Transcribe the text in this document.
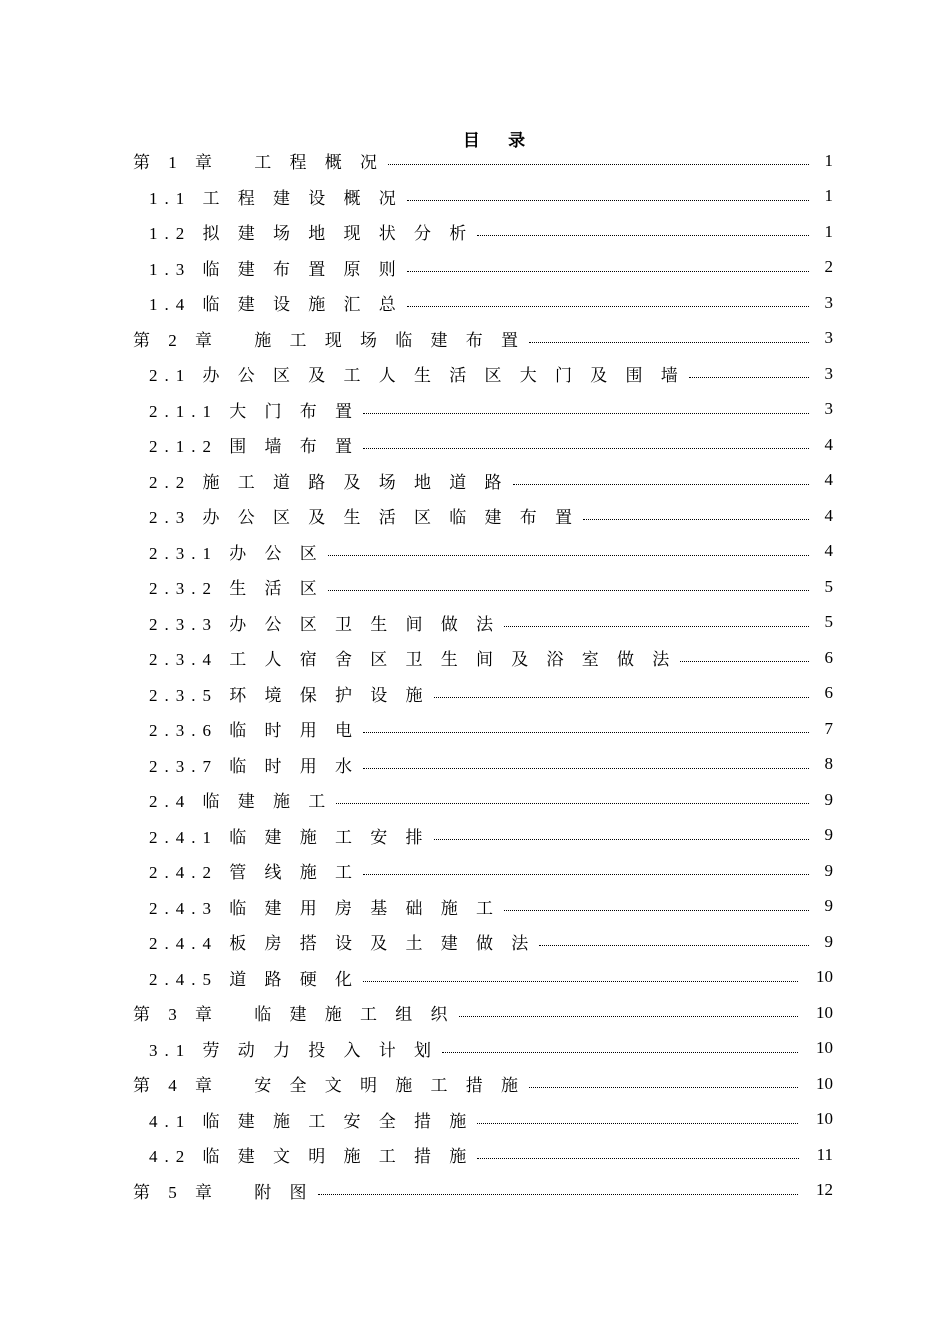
目 录
第 1 章　 工 程 概 况	1
1.1 工 程 建 设 概 况	1
1.2 拟 建 场 地 现 状 分 析	1
1.3 临 建 布 置 原 则	2
1.4 临 建 设 施 汇 总	3
第 2 章　 施 工 现 场 临 建 布 置	3
2.1 办 公 区 及 工 人 生 活 区 大 门 及 围 墙	3
2.1.1 大 门 布 置	3
2.1.2 围 墙 布 置	4
2.2 施 工 道 路 及 场 地 道 路	4
2.3 办 公 区 及 生 活 区 临 建 布 置	4
2.3.1 办 公 区	4
2.3.2 生 活 区	5
2.3.3 办 公 区 卫 生 间 做 法	5
2.3.4 工 人 宿 舍 区 卫 生 间 及 浴 室 做 法	6
2.3.5 环 境 保 护 设 施	6
2.3.6 临 时 用 电	7
2.3.7 临 时 用 水	8
2.4 临 建 施 工	9
2.4.1 临 建 施 工 安 排	9
2.4.2 管 线 施 工	9
2.4.3 临 建 用 房 基 础 施 工	9
2.4.4 板 房 搭 设 及 土 建 做 法	9
2.4.5 道 路 硬 化	10
第 3 章　 临 建 施 工 组 织	10
3.1 劳 动 力 投 入 计 划	10
第 4 章　 安 全 文 明 施 工 措 施	10
4.1 临 建 施 工 安 全 措 施	10
4.2 临 建 文 明 施 工 措 施	11
第 5 章　 附 图	12
